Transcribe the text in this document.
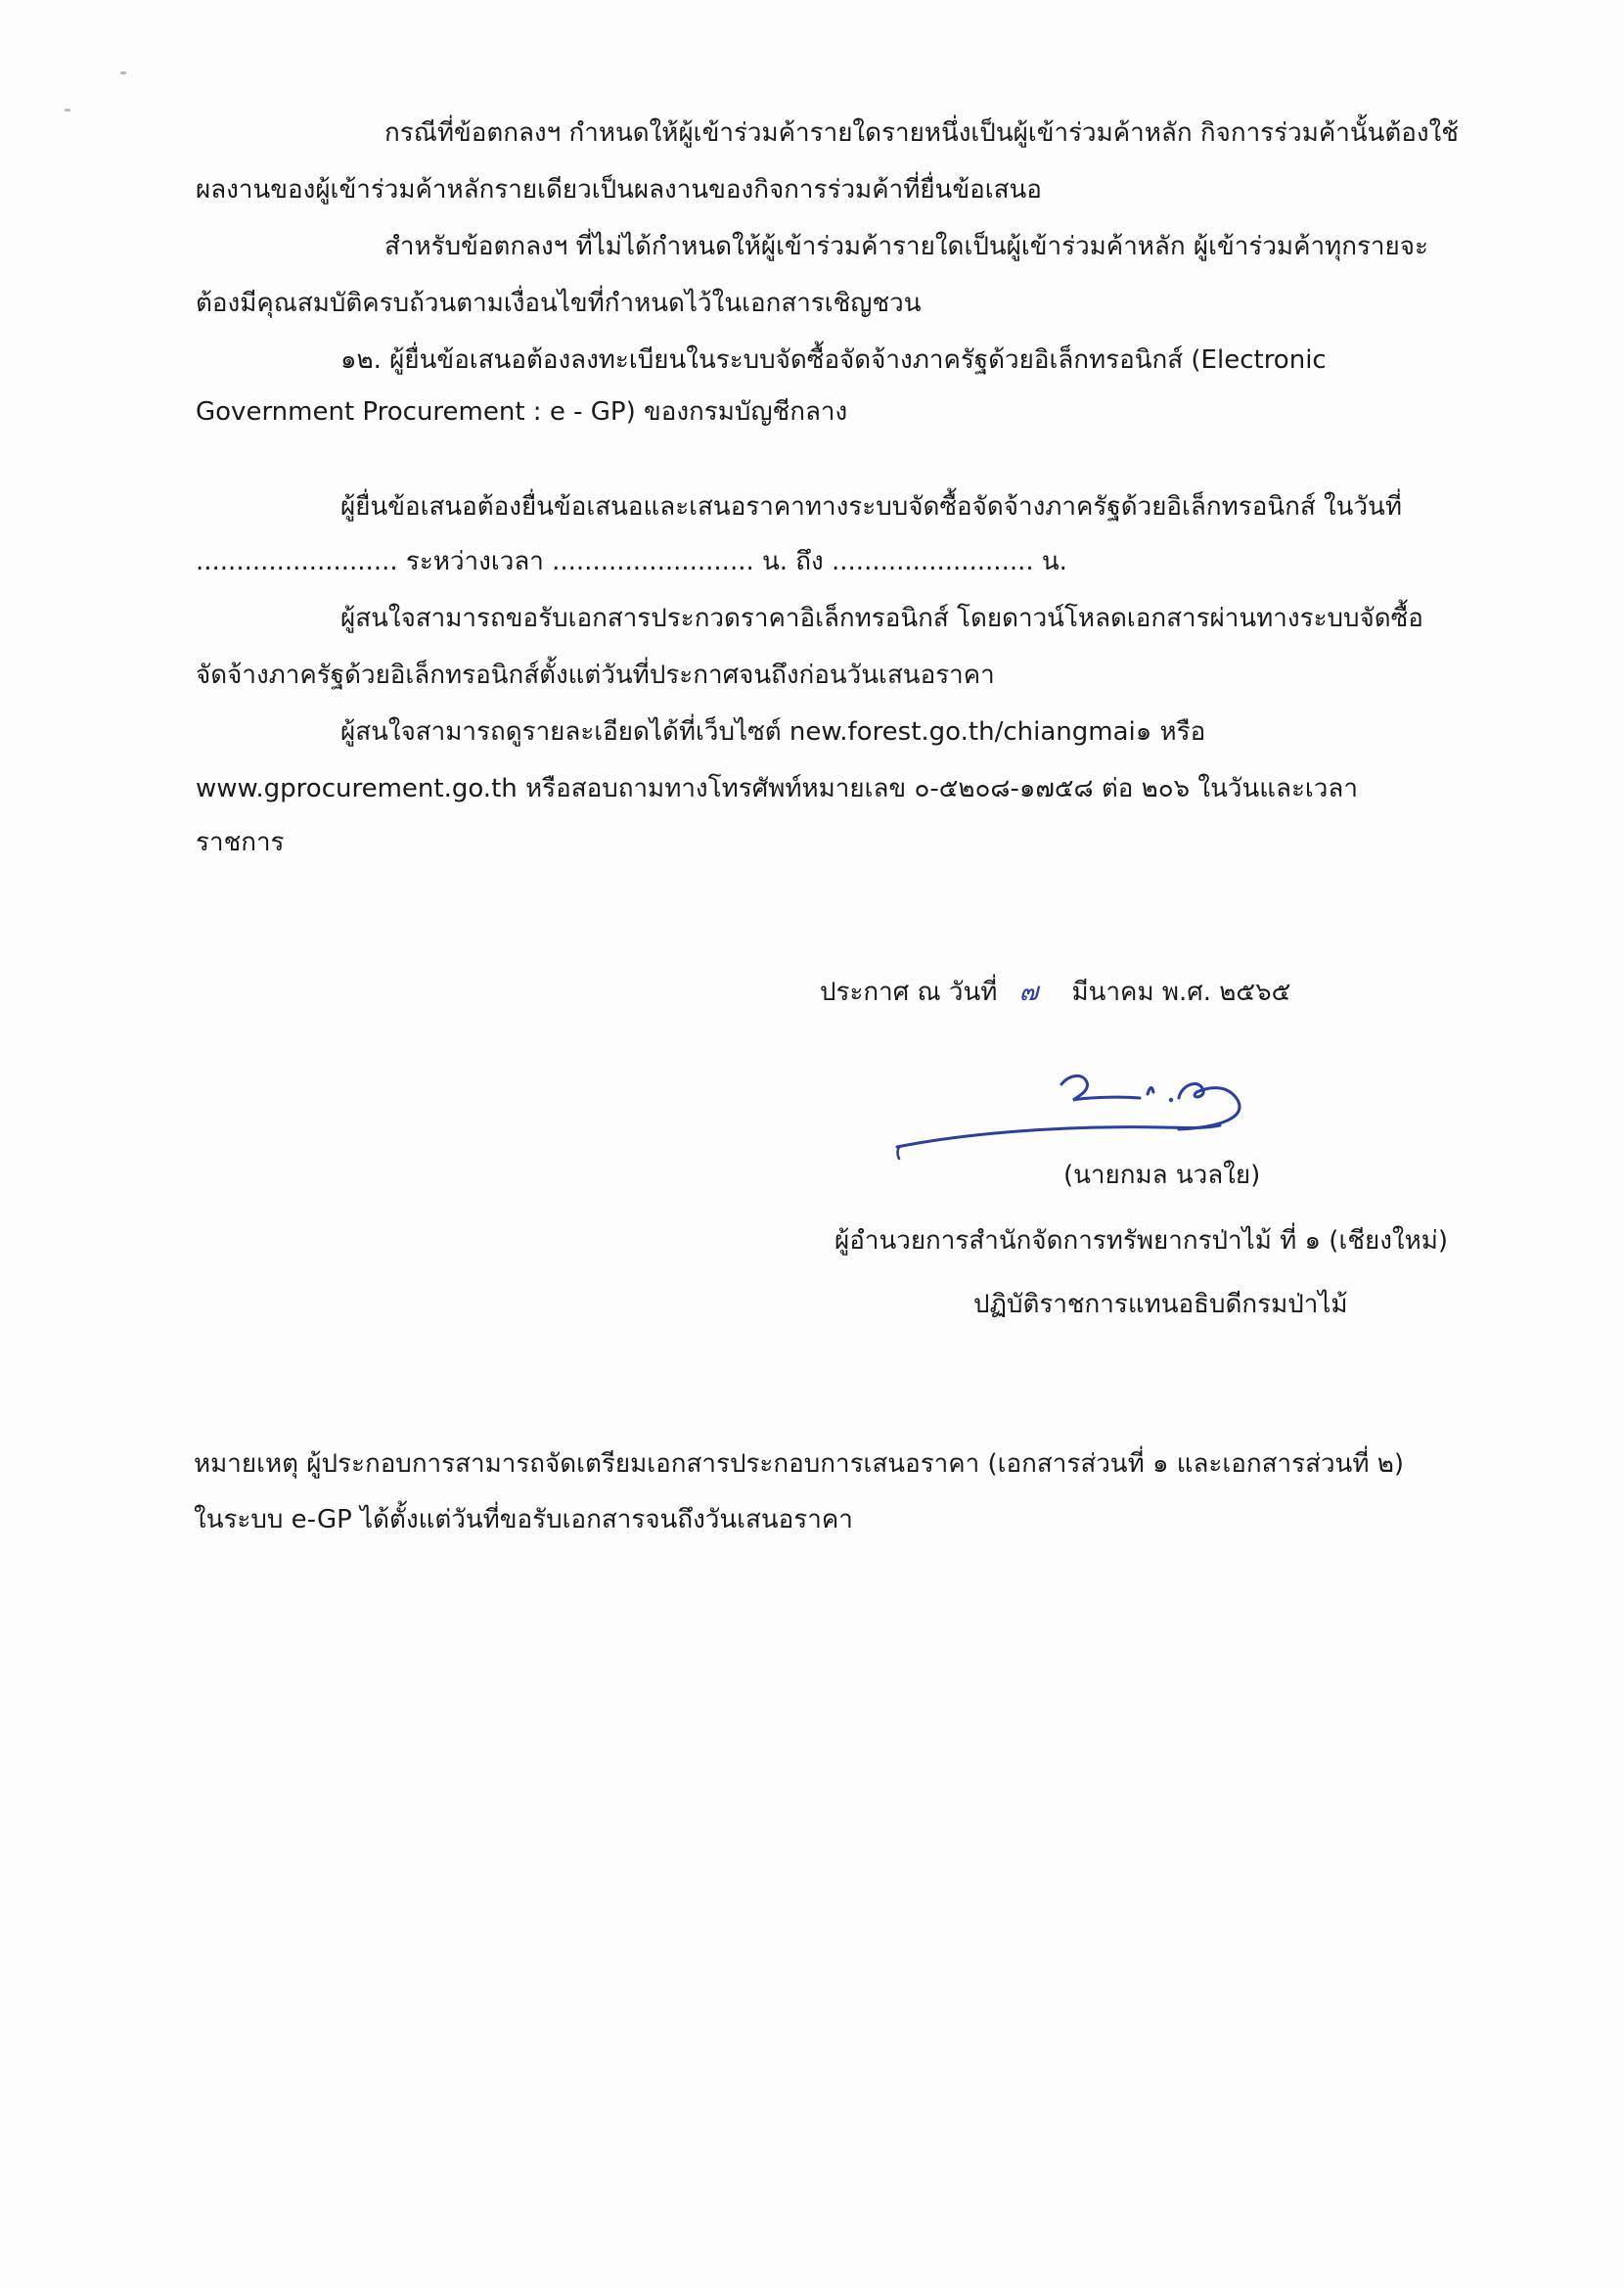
กรณีที่ข้อตกลงฯ กำหนดให้ผู้เข้าร่วมค้ารายใดรายหนึ่งเป็นผู้เข้าร่วมค้าหลัก กิจการร่วมค้านั้นต้องใช้
ผลงานของผู้เข้าร่วมค้าหลักรายเดียวเป็นผลงานของกิจการร่วมค้าที่ยื่นข้อเสนอ
สำหรับข้อตกลงฯ ที่ไม่ได้กำหนดให้ผู้เข้าร่วมค้ารายใดเป็นผู้เข้าร่วมค้าหลัก ผู้เข้าร่วมค้าทุกรายจะ
ต้องมีคุณสมบัติครบถ้วนตามเงื่อนไขที่กำหนดไว้ในเอกสารเชิญชวน
๑๒. ผู้ยื่นข้อเสนอต้องลงทะเบียนในระบบจัดซื้อจัดจ้างภาครัฐด้วยอิเล็กทรอนิกส์ (Electronic
Government Procurement : e - GP) ของกรมบัญชีกลาง
ผู้ยื่นข้อเสนอต้องยื่นข้อเสนอและเสนอราคาทางระบบจัดซื้อจัดจ้างภาครัฐด้วยอิเล็กทรอนิกส์ ในวันที่
......................... ระหว่างเวลา ......................... น. ถึง ......................... น.
ผู้สนใจสามารถขอรับเอกสารประกวดราคาอิเล็กทรอนิกส์ โดยดาวน์โหลดเอกสารผ่านทางระบบจัดซื้อ
จัดจ้างภาครัฐด้วยอิเล็กทรอนิกส์ตั้งแต่วันที่ประกาศจนถึงก่อนวันเสนอราคา
ผู้สนใจสามารถดูรายละเอียดได้ที่เว็บไซต์ new.forest.go.th/chiangmai๑ หรือ
www.gprocurement.go.th หรือสอบถามทางโทรศัพท์หมายเลข ๐-๕๒๐๘-๑๗๕๘ ต่อ ๒๐๖ ในวันและเวลา
ราชการ
ประกาศ ณ วันที่ ๗ มีนาคม พ.ศ. ๒๕๖๕
(นายกมล นวลใย)
ผู้อำนวยการสำนักจัดการทรัพยากรป่าไม้ ที่ ๑ (เชียงใหม่)
ปฏิบัติราชการแทนอธิบดีกรมป่าไม้
หมายเหตุ ผู้ประกอบการสามารถจัดเตรียมเอกสารประกอบการเสนอราคา (เอกสารส่วนที่ ๑ และเอกสารส่วนที่ ๒)
ในระบบ e-GP ได้ตั้งแต่วันที่ขอรับเอกสารจนถึงวันเสนอราคา
